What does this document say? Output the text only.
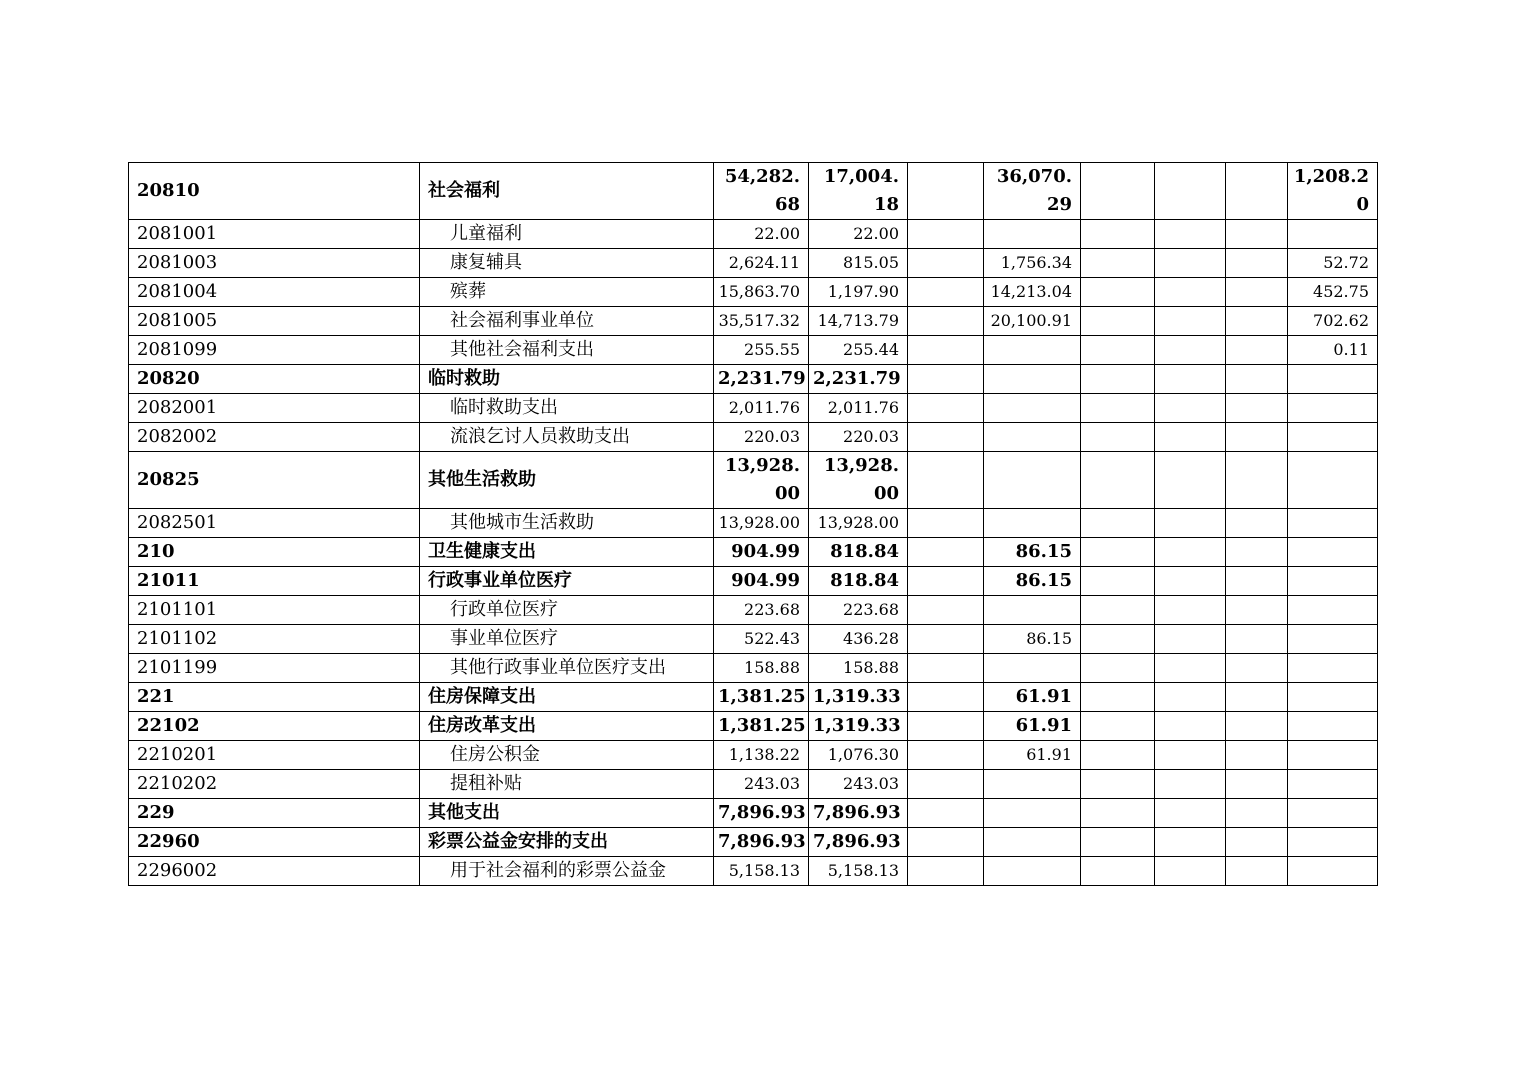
20810	社会福利	54,282.68	17,004.18		36,070.29				1,208.20
2081001	儿童福利	22.00	22.00						
2081003	康复辅具	2,624.11	815.05		1,756.34				52.72
2081004	殡葬	15,863.70	1,197.90		14,213.04				452.75
2081005	社会福利事业单位	35,517.32	14,713.79		20,100.91				702.62
2081099	其他社会福利支出	255.55	255.44						0.11
20820	临时救助	2,231.79	2,231.79						
2082001	临时救助支出	2,011.76	2,011.76						
2082002	流浪乞讨人员救助支出	220.03	220.03						
20825	其他生活救助	13,928.00	13,928.00						
2082501	其他城市生活救助	13,928.00	13,928.00						
210	卫生健康支出	904.99	818.84		86.15				
21011	行政事业单位医疗	904.99	818.84		86.15				
2101101	行政单位医疗	223.68	223.68						
2101102	事业单位医疗	522.43	436.28		86.15				
2101199	其他行政事业单位医疗支出	158.88	158.88						
221	住房保障支出	1,381.25	1,319.33		61.91				
22102	住房改革支出	1,381.25	1,319.33		61.91				
2210201	住房公积金	1,138.22	1,076.30		61.91				
2210202	提租补贴	243.03	243.03						
229	其他支出	7,896.93	7,896.93						
22960	彩票公益金安排的支出	7,896.93	7,896.93						
2296002	用于社会福利的彩票公益金	5,158.13	5,158.13						
